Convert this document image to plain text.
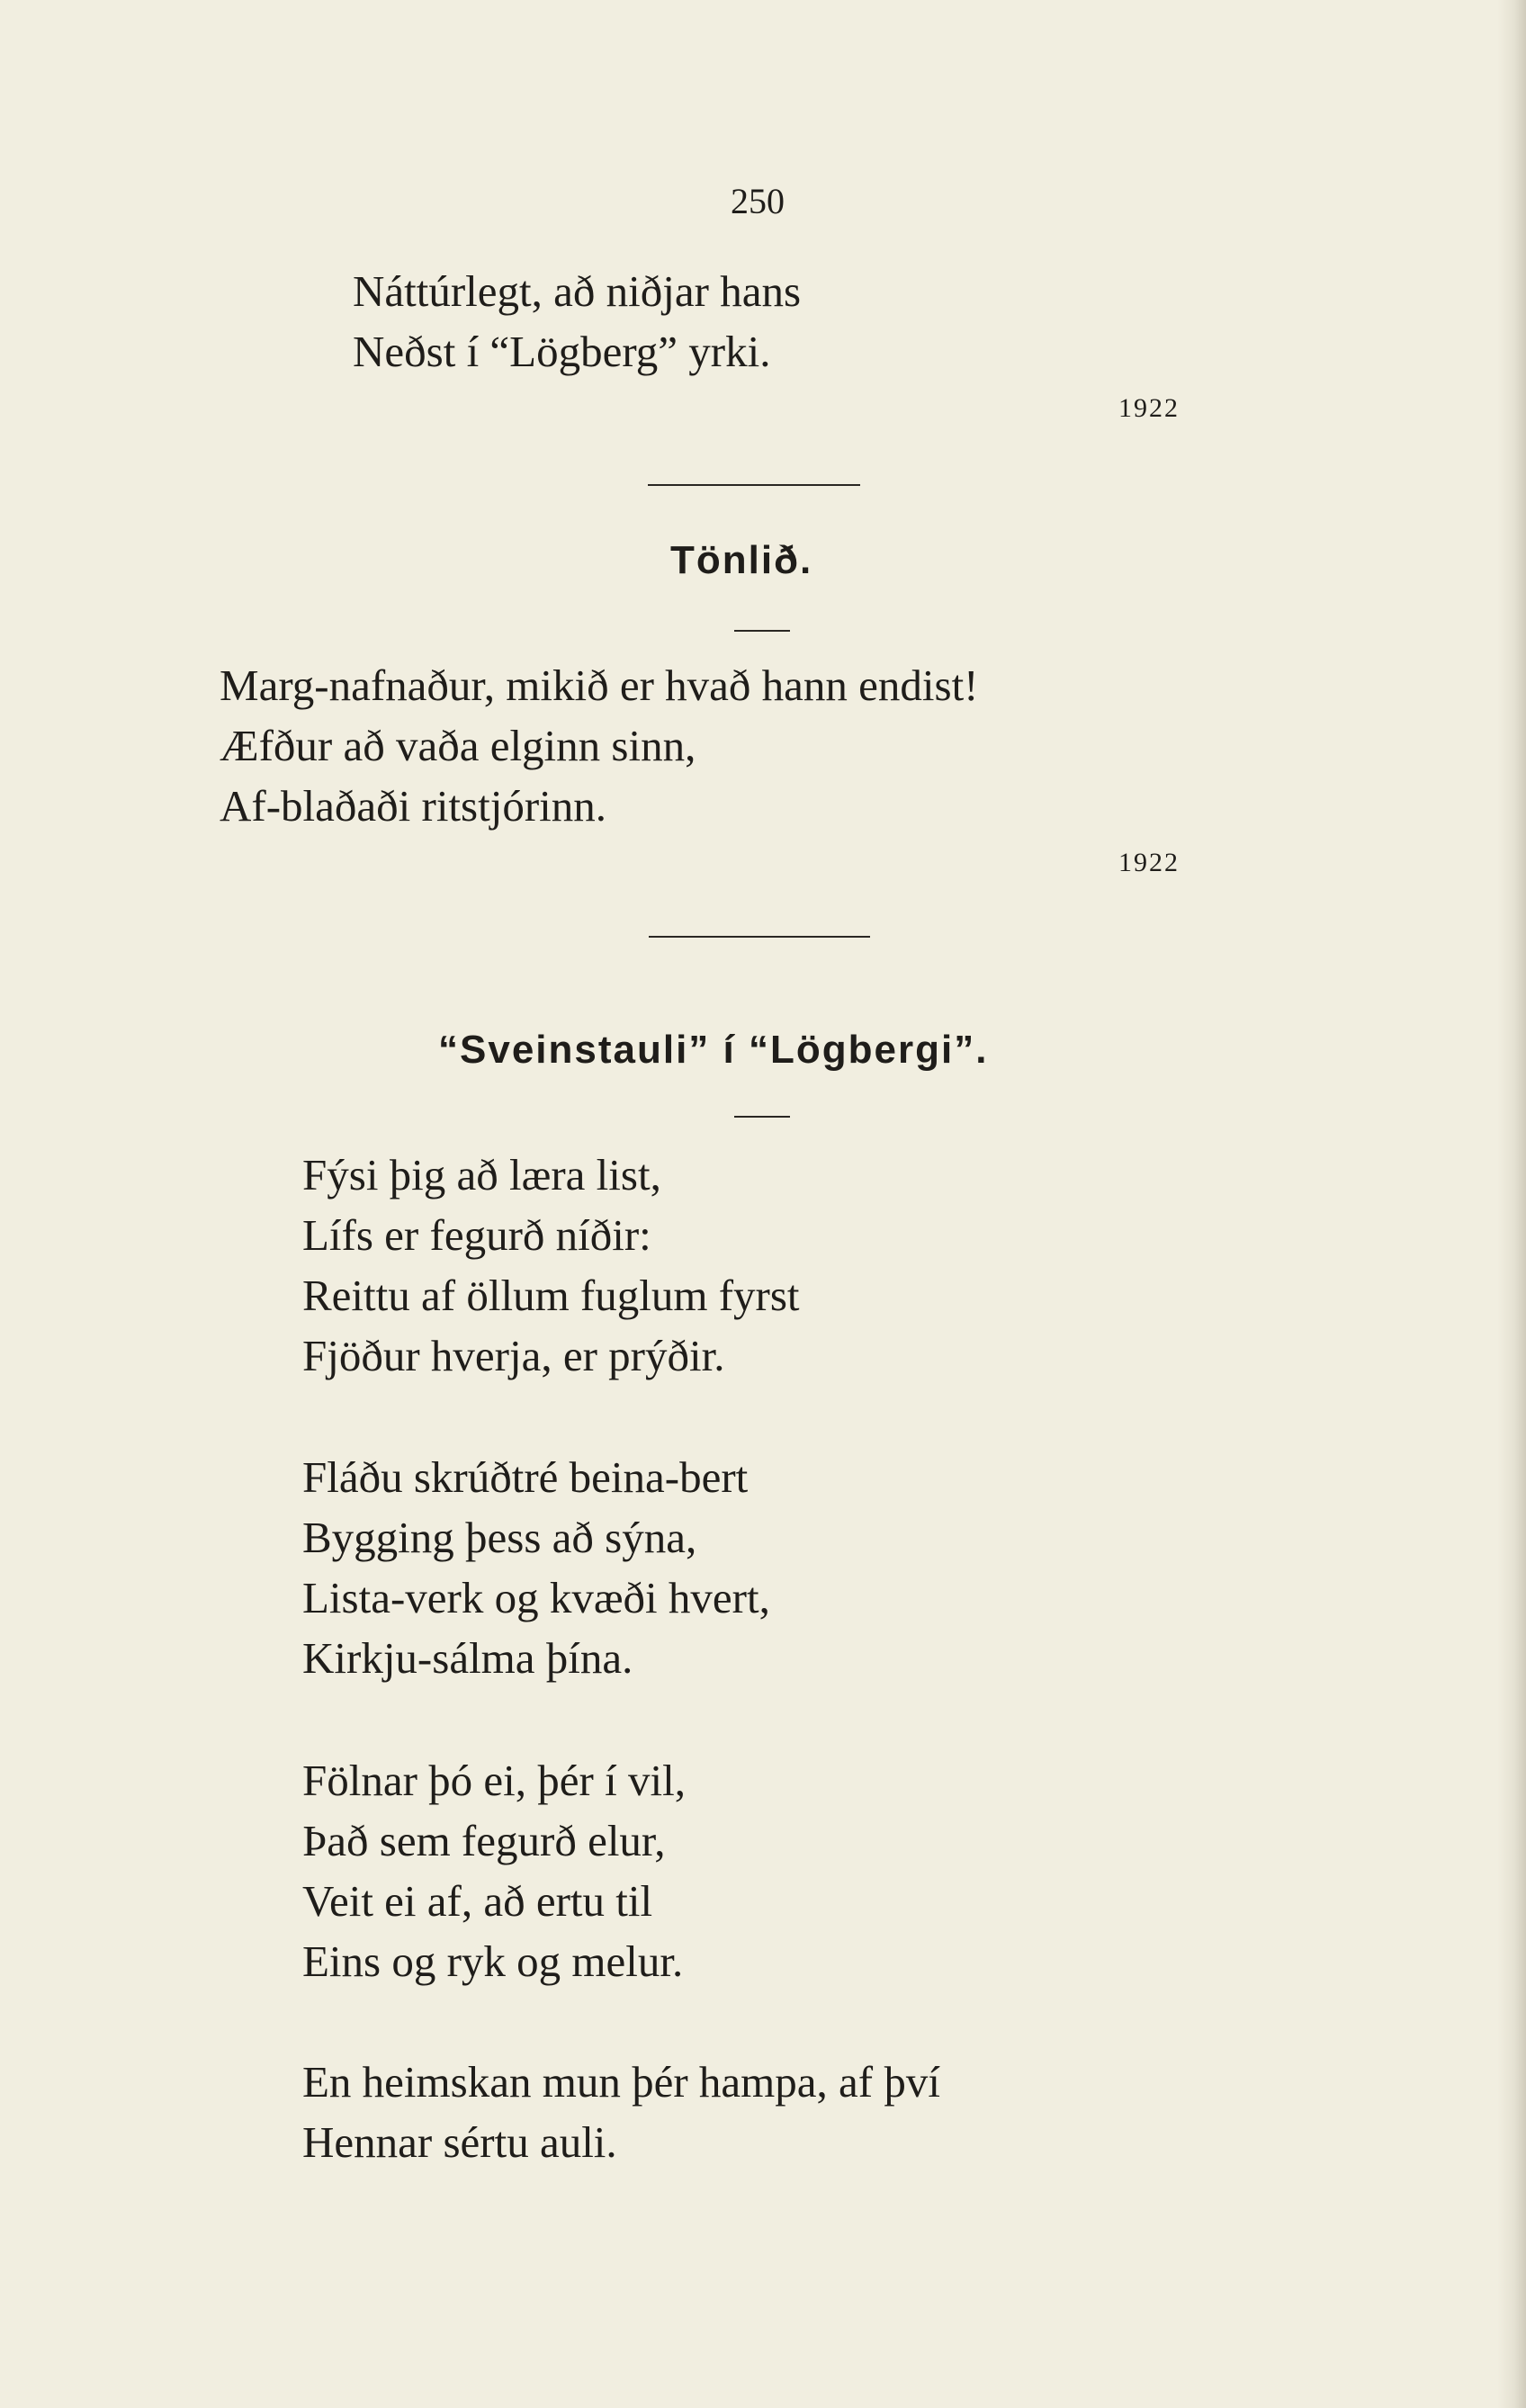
250
Náttúrlegt, að niðjar hans
Neðst í “Lögberg” yrki.
1922
Tönlið.
Marg-nafnaður, mikið er hvað hann endist!
Æfður að vaða elginn sinn,
Af-blaðaði ritstjórinn.
1922
“Sveinstauli” í “Lögbergi”.
Fýsi þig að læra list,
Lífs er fegurð níðir:
Reittu af öllum fuglum fyrst
Fjöður hverja, er prýðir.
Fláðu skrúðtré beina-bert
Bygging þess að sýna,
Lista-verk og kvæði hvert,
Kirkju-sálma þína.
Fölnar þó ei, þér í vil,
Það sem fegurð elur,
Veit ei af, að ertu til
Eins og ryk og melur.
En heimskan mun þér hampa, af því
Hennar sértu auli.
